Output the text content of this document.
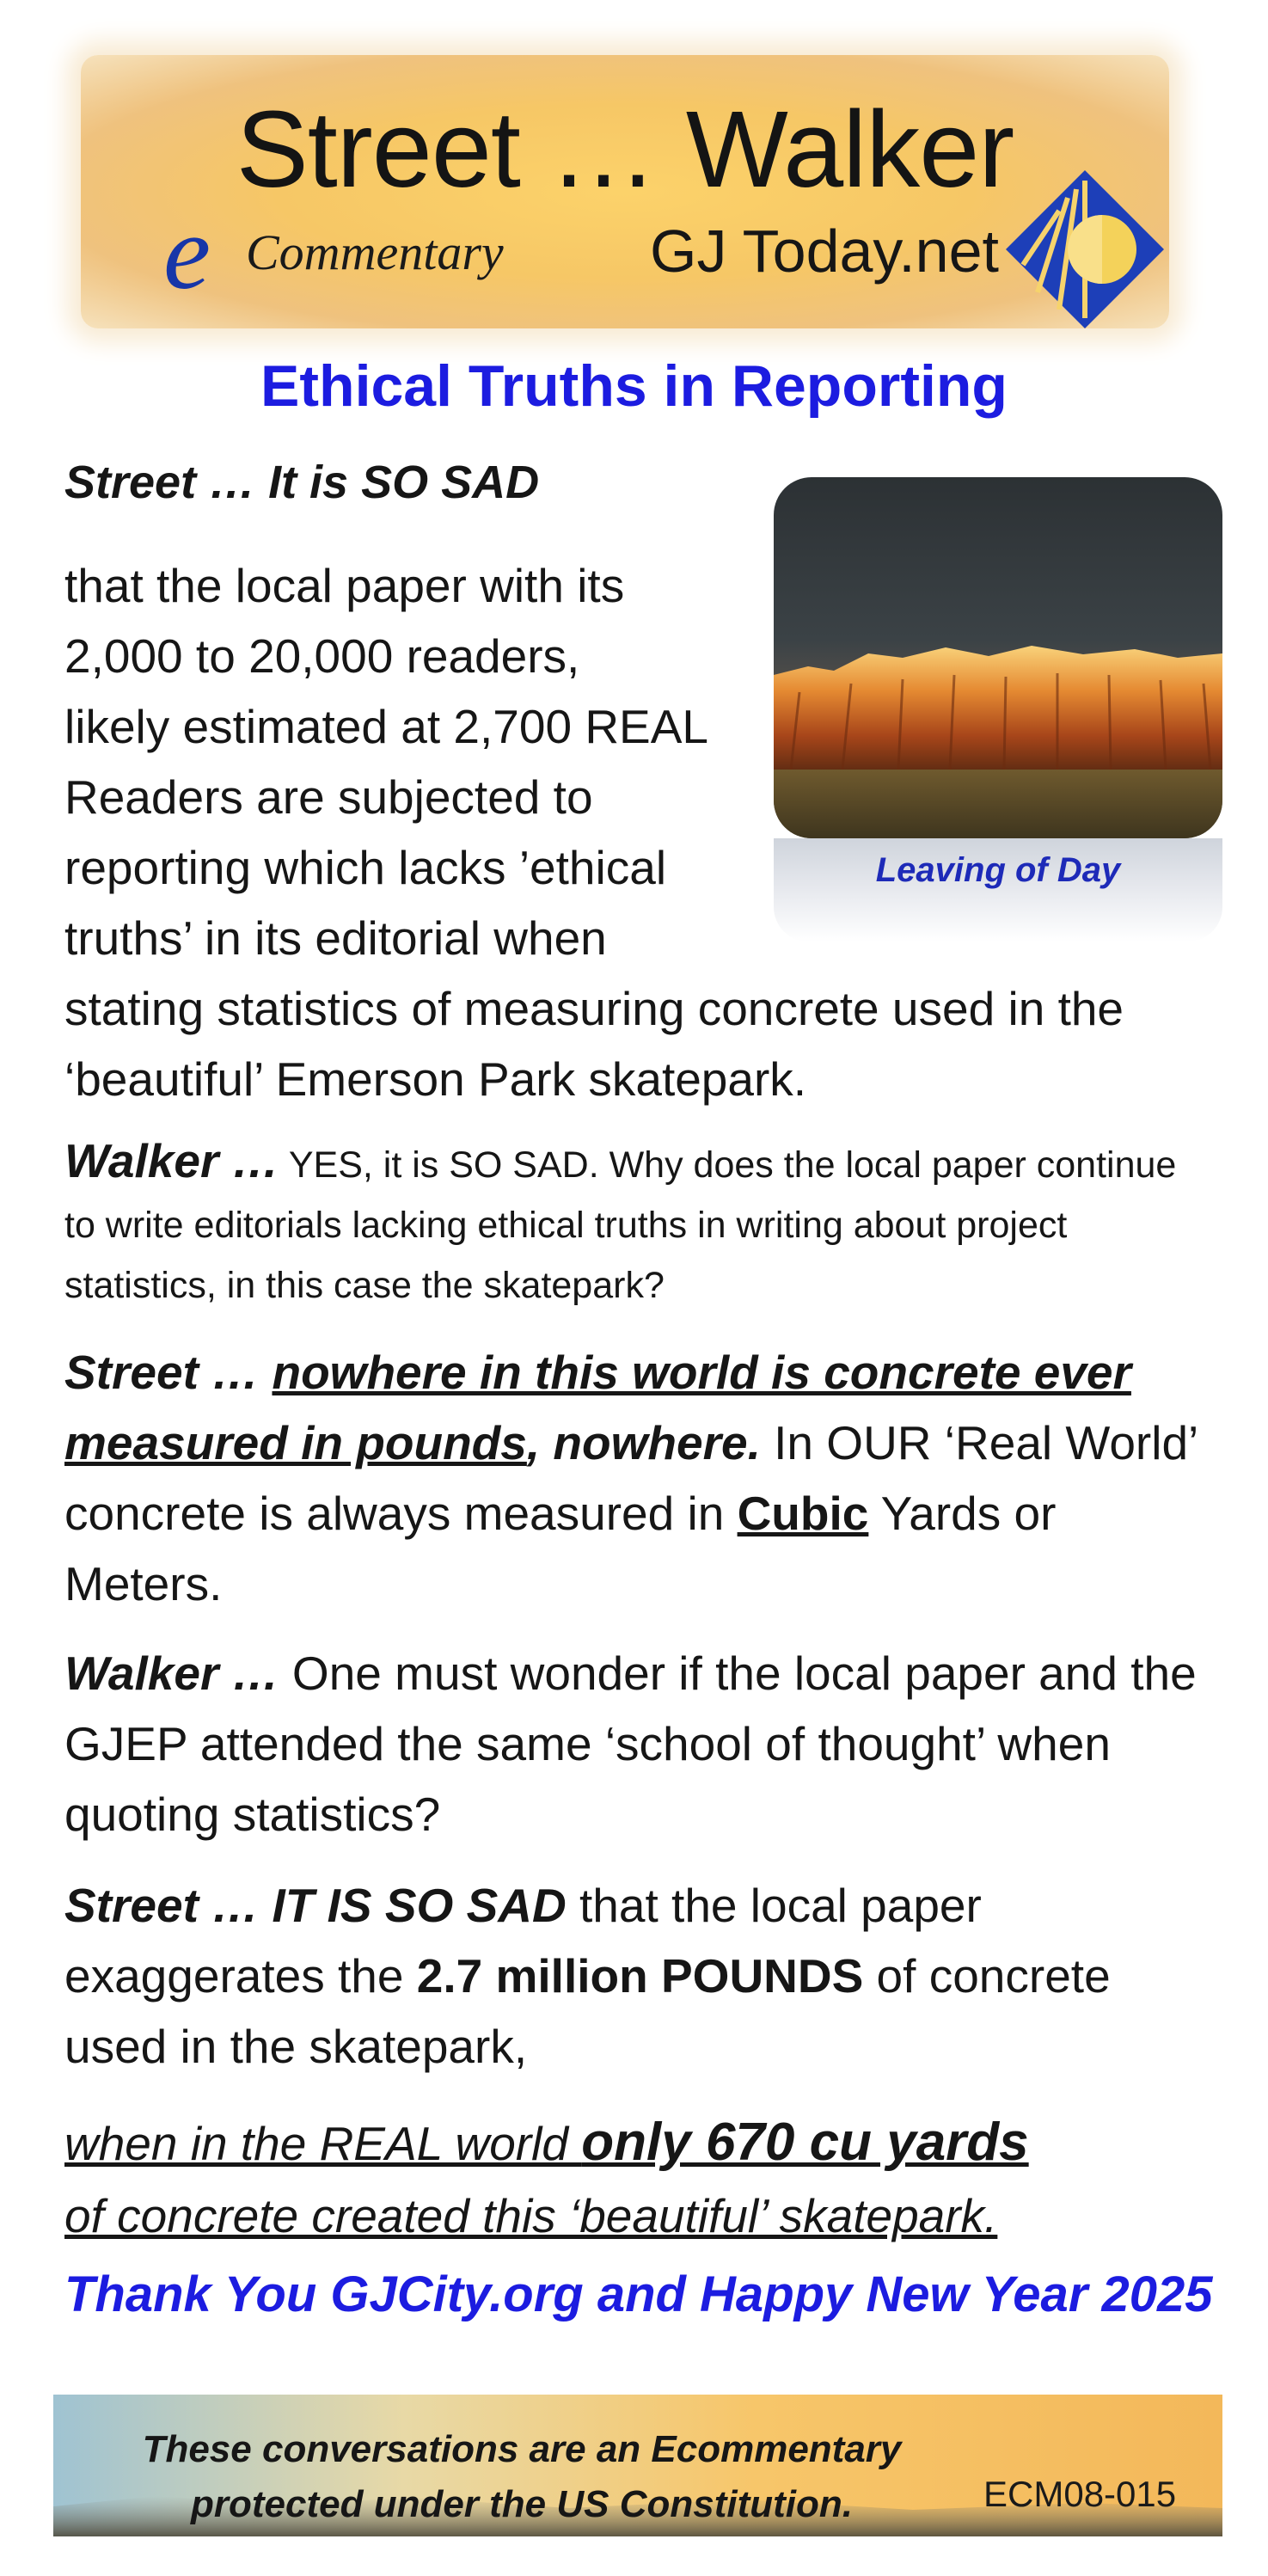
Street … Walker
e Commentary GJ Today.net
Ethical Truths in Reporting
Leaving of Day
Street … It is SO SAD
that the local paper with its
2,000 to 20,000 readers,
likely estimated at 2,700 REAL
Readers are subjected to
reporting which lacks ’ethical
truths’ in its editorial when
stating statistics of measuring concrete used in the ‘beautiful’ Emerson Park skatepark.
Walker … YES, it is SO SAD. Why does the local paper continue to write editorials lacking ethical truths in writing about project statistics, in this case the skatepark?
Street … nowhere in this world is concrete ever measured in pounds, nowhere. In OUR ‘Real World’ concrete is always measured in Cubic Yards or Meters.
Walker … One must wonder if the local paper and the GJEP attended the same ‘school of thought’ when quoting statistics?
Street … IT IS SO SAD that the local paper exaggerates the 2.7 million POUNDS of concrete used in the skatepark,
when in the REAL world only 670 cu yards
of concrete created this ‘beautiful’ skatepark.
Thank You GJCity.org and Happy New Year 2025
These conversations are an Ecommentary
protected under the US Constitution.	ECM08-015
